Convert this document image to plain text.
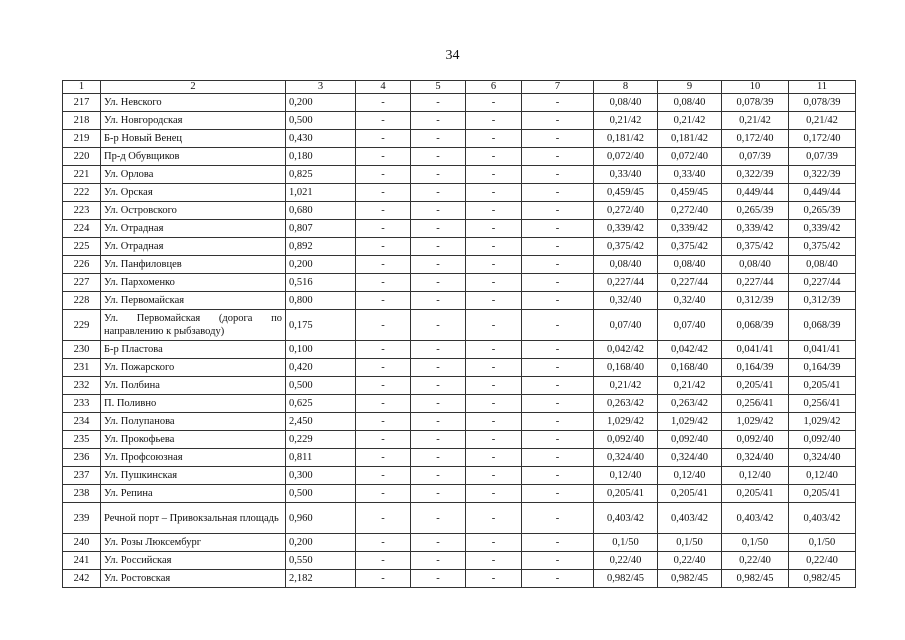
34
1	2	3	4	5	6	7	8	9	10	11
217	Ул. Невского	0,200	-	-	-	-	0,08/40	0,08/40	0,078/39	0,078/39
218	Ул. Новгородская	0,500	-	-	-	-	0,21/42	0,21/42	0,21/42	0,21/42
219	Б-р Новый Венец	0,430	-	-	-	-	0,181/42	0,181/42	0,172/40	0,172/40
220	Пр-д Обувщиков	0,180	-	-	-	-	0,072/40	0,072/40	0,07/39	0,07/39
221	Ул. Орлова	0,825	-	-	-	-	0,33/40	0,33/40	0,322/39	0,322/39
222	Ул. Орская	1,021	-	-	-	-	0,459/45	0,459/45	0,449/44	0,449/44
223	Ул. Островского	0,680	-	-	-	-	0,272/40	0,272/40	0,265/39	0,265/39
224	Ул. Отрадная	0,807	-	-	-	-	0,339/42	0,339/42	0,339/42	0,339/42
225	Ул. Отрадная	0,892	-	-	-	-	0,375/42	0,375/42	0,375/42	0,375/42
226	Ул. Панфиловцев	0,200	-	-	-	-	0,08/40	0,08/40	0,08/40	0,08/40
227	Ул. Пархоменко	0,516	-	-	-	-	0,227/44	0,227/44	0,227/44	0,227/44
228	Ул. Первомайская	0,800	-	-	-	-	0,32/40	0,32/40	0,312/39	0,312/39
229	Ул. Первомайская (дорога по направлению к рыбзаводу)	0,175	-	-	-	-	0,07/40	0,07/40	0,068/39	0,068/39
230	Б-р Пластова	0,100	-	-	-	-	0,042/42	0,042/42	0,041/41	0,041/41
231	Ул. Пожарского	0,420	-	-	-	-	0,168/40	0,168/40	0,164/39	0,164/39
232	Ул. Полбина	0,500	-	-	-	-	0,21/42	0,21/42	0,205/41	0,205/41
233	П. Поливно	0,625	-	-	-	-	0,263/42	0,263/42	0,256/41	0,256/41
234	Ул. Полупанова	2,450	-	-	-	-	1,029/42	1,029/42	1,029/42	1,029/42
235	Ул. Прокофьева	0,229	-	-	-	-	0,092/40	0,092/40	0,092/40	0,092/40
236	Ул. Профсоюзная	0,811	-	-	-	-	0,324/40	0,324/40	0,324/40	0,324/40
237	Ул. Пушкинская	0,300	-	-	-	-	0,12/40	0,12/40	0,12/40	0,12/40
238	Ул. Репина	0,500	-	-	-	-	0,205/41	0,205/41	0,205/41	0,205/41
239	Речной порт – Привокзальная площадь	0,960	-	-	-	-	0,403/42	0,403/42	0,403/42	0,403/42
240	Ул. Розы Люксембург	0,200	-	-	-	-	0,1/50	0,1/50	0,1/50	0,1/50
241	Ул. Российская	0,550	-	-	-	-	0,22/40	0,22/40	0,22/40	0,22/40
242	Ул. Ростовская	2,182	-	-	-	-	0,982/45	0,982/45	0,982/45	0,982/45
